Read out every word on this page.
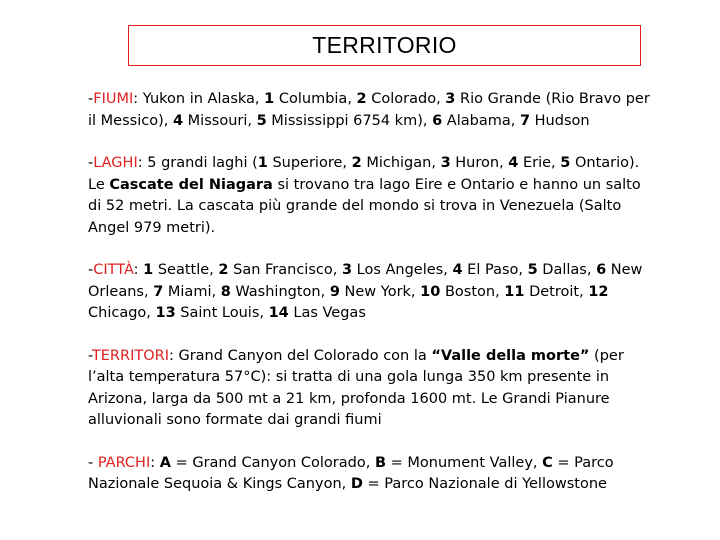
TERRITORIO

-FIUMI: Yukon in Alaska, 1 Columbia, 2 Colorado, 3 Rio Grande (Rio Bravo per il Messico), 4 Missouri, 5 Mississippi 6754 km), 6 Alabama, 7 Hudson

-LAGHI: 5 grandi laghi (1 Superiore, 2 Michigan, 3 Huron, 4 Erie, 5 Ontario). Le Cascate del Niagara si trovano tra lago Eire e Ontario e hanno un salto di 52 metri. La cascata più grande del mondo si trova in Venezuela (Salto Angel 979 metri).

-CITTÀ: 1 Seattle, 2 San Francisco, 3 Los Angeles, 4 El Paso, 5 Dallas, 6 New Orleans, 7 Miami, 8 Washington, 9 New York, 10 Boston, 11 Detroit, 12 Chicago, 13 Saint Louis, 14 Las Vegas

-TERRITORI: Grand Canyon del Colorado con la “Valle della morte” (per l’alta temperatura 57°C): si tratta di una gola lunga 350 km presente in Arizona, larga da 500 mt a 21 km, profonda 1600 mt. Le Grandi Pianure alluvionali sono formate dai grandi fiumi

- PARCHI: A = Grand Canyon Colorado, B = Monument Valley, C = Parco Nazionale Sequoia & Kings Canyon, D = Parco Nazionale di Yellowstone
